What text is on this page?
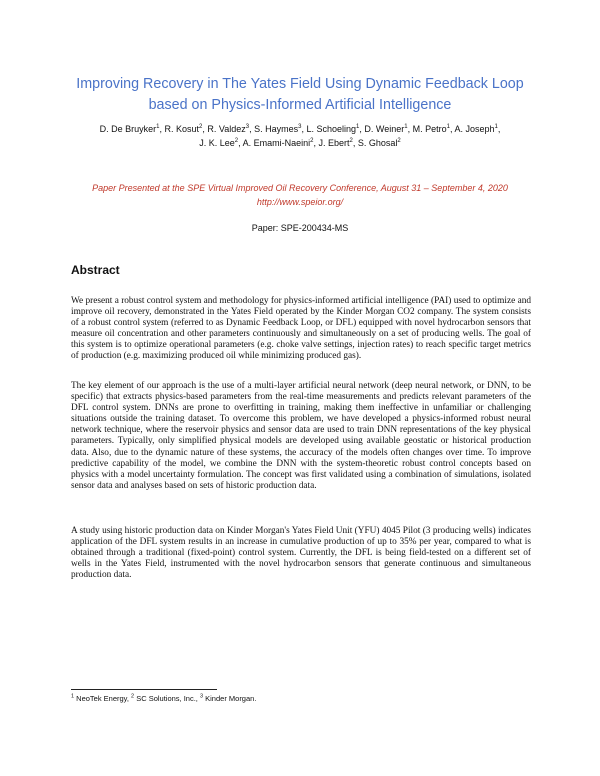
Improving Recovery in The Yates Field Using Dynamic Feedback Loop
based on Physics-Informed Artificial Intelligence
D. De Bruyker$^1$, R. Kosut$^2$, R. Valdez$^3$, S. Haymes$^3$, L. Schoeling$^1$, D. Weiner$^1$, M. Petro$^1$, A. Joseph$^1$,
J. K. Lee$^2$, A. Emami-Naeini$^2$, J. Ebert$^2$, S. Ghosal$^2$
Paper Presented at the SPE Virtual Improved Oil Recovery Conference, August 31 – September 4, 2020
http://www.speior.org/
Paper: SPE-200434-MS
Abstract

We present a robust control system and methodology for physics-informed artificial intelligence (PAI) used to optimize and improve oil recovery, demonstrated in the Yates Field operated by the Kinder Morgan CO2 company. The system consists of a robust control system (referred to as Dynamic Feedback Loop, or DFL) equipped with novel hydrocarbon sensors that measure oil concentration and other parameters continuously and simultaneously on a set of producing wells. The goal of this system is to optimize operational parameters (e.g. choke valve settings, injection rates) to reach specific target metrics of production (e.g. maximizing produced oil while minimizing produced gas).

The key element of our approach is the use of a multi-layer artificial neural network (deep neural network, or DNN, to be specific) that extracts physics-based parameters from the real-time measurements and predicts relevant parameters of the DFL control system. DNNs are prone to overfitting in training, making them ineffective in unfamiliar or challenging situations outside the training dataset. To overcome this problem, we have developed a physics-informed robust neural network technique, where the reservoir physics and sensor data are used to train DNN representations of the key physical parameters. Typically, only simplified physical models are developed using available geostatic or historical production data. Also, due to the dynamic nature of these systems, the accuracy of the models often changes over time. To improve predictive capability of the model, we combine the DNN with the system-theoretic robust control concepts based on physics with a model uncertainty formulation. The concept was first validated using a combination of simulations, isolated sensor data and analyses based on sets of historic production data.

A study using historic production data on Kinder Morgan's Yates Field Unit (YFU) 4045 Pilot (3 producing wells) indicates application of the DFL system results in an increase in cumulative production of up to 35% per year, compared to what is obtained through a traditional (fixed-point) control system. Currently, the DFL is being field-tested on a different set of wells in the Yates Field, instrumented with the novel hydrocarbon sensors that generate continuous and simultaneous production data.

$^1$ NeoTek Energy, $^2$ SC Solutions, Inc., $^3$ Kinder Morgan.
